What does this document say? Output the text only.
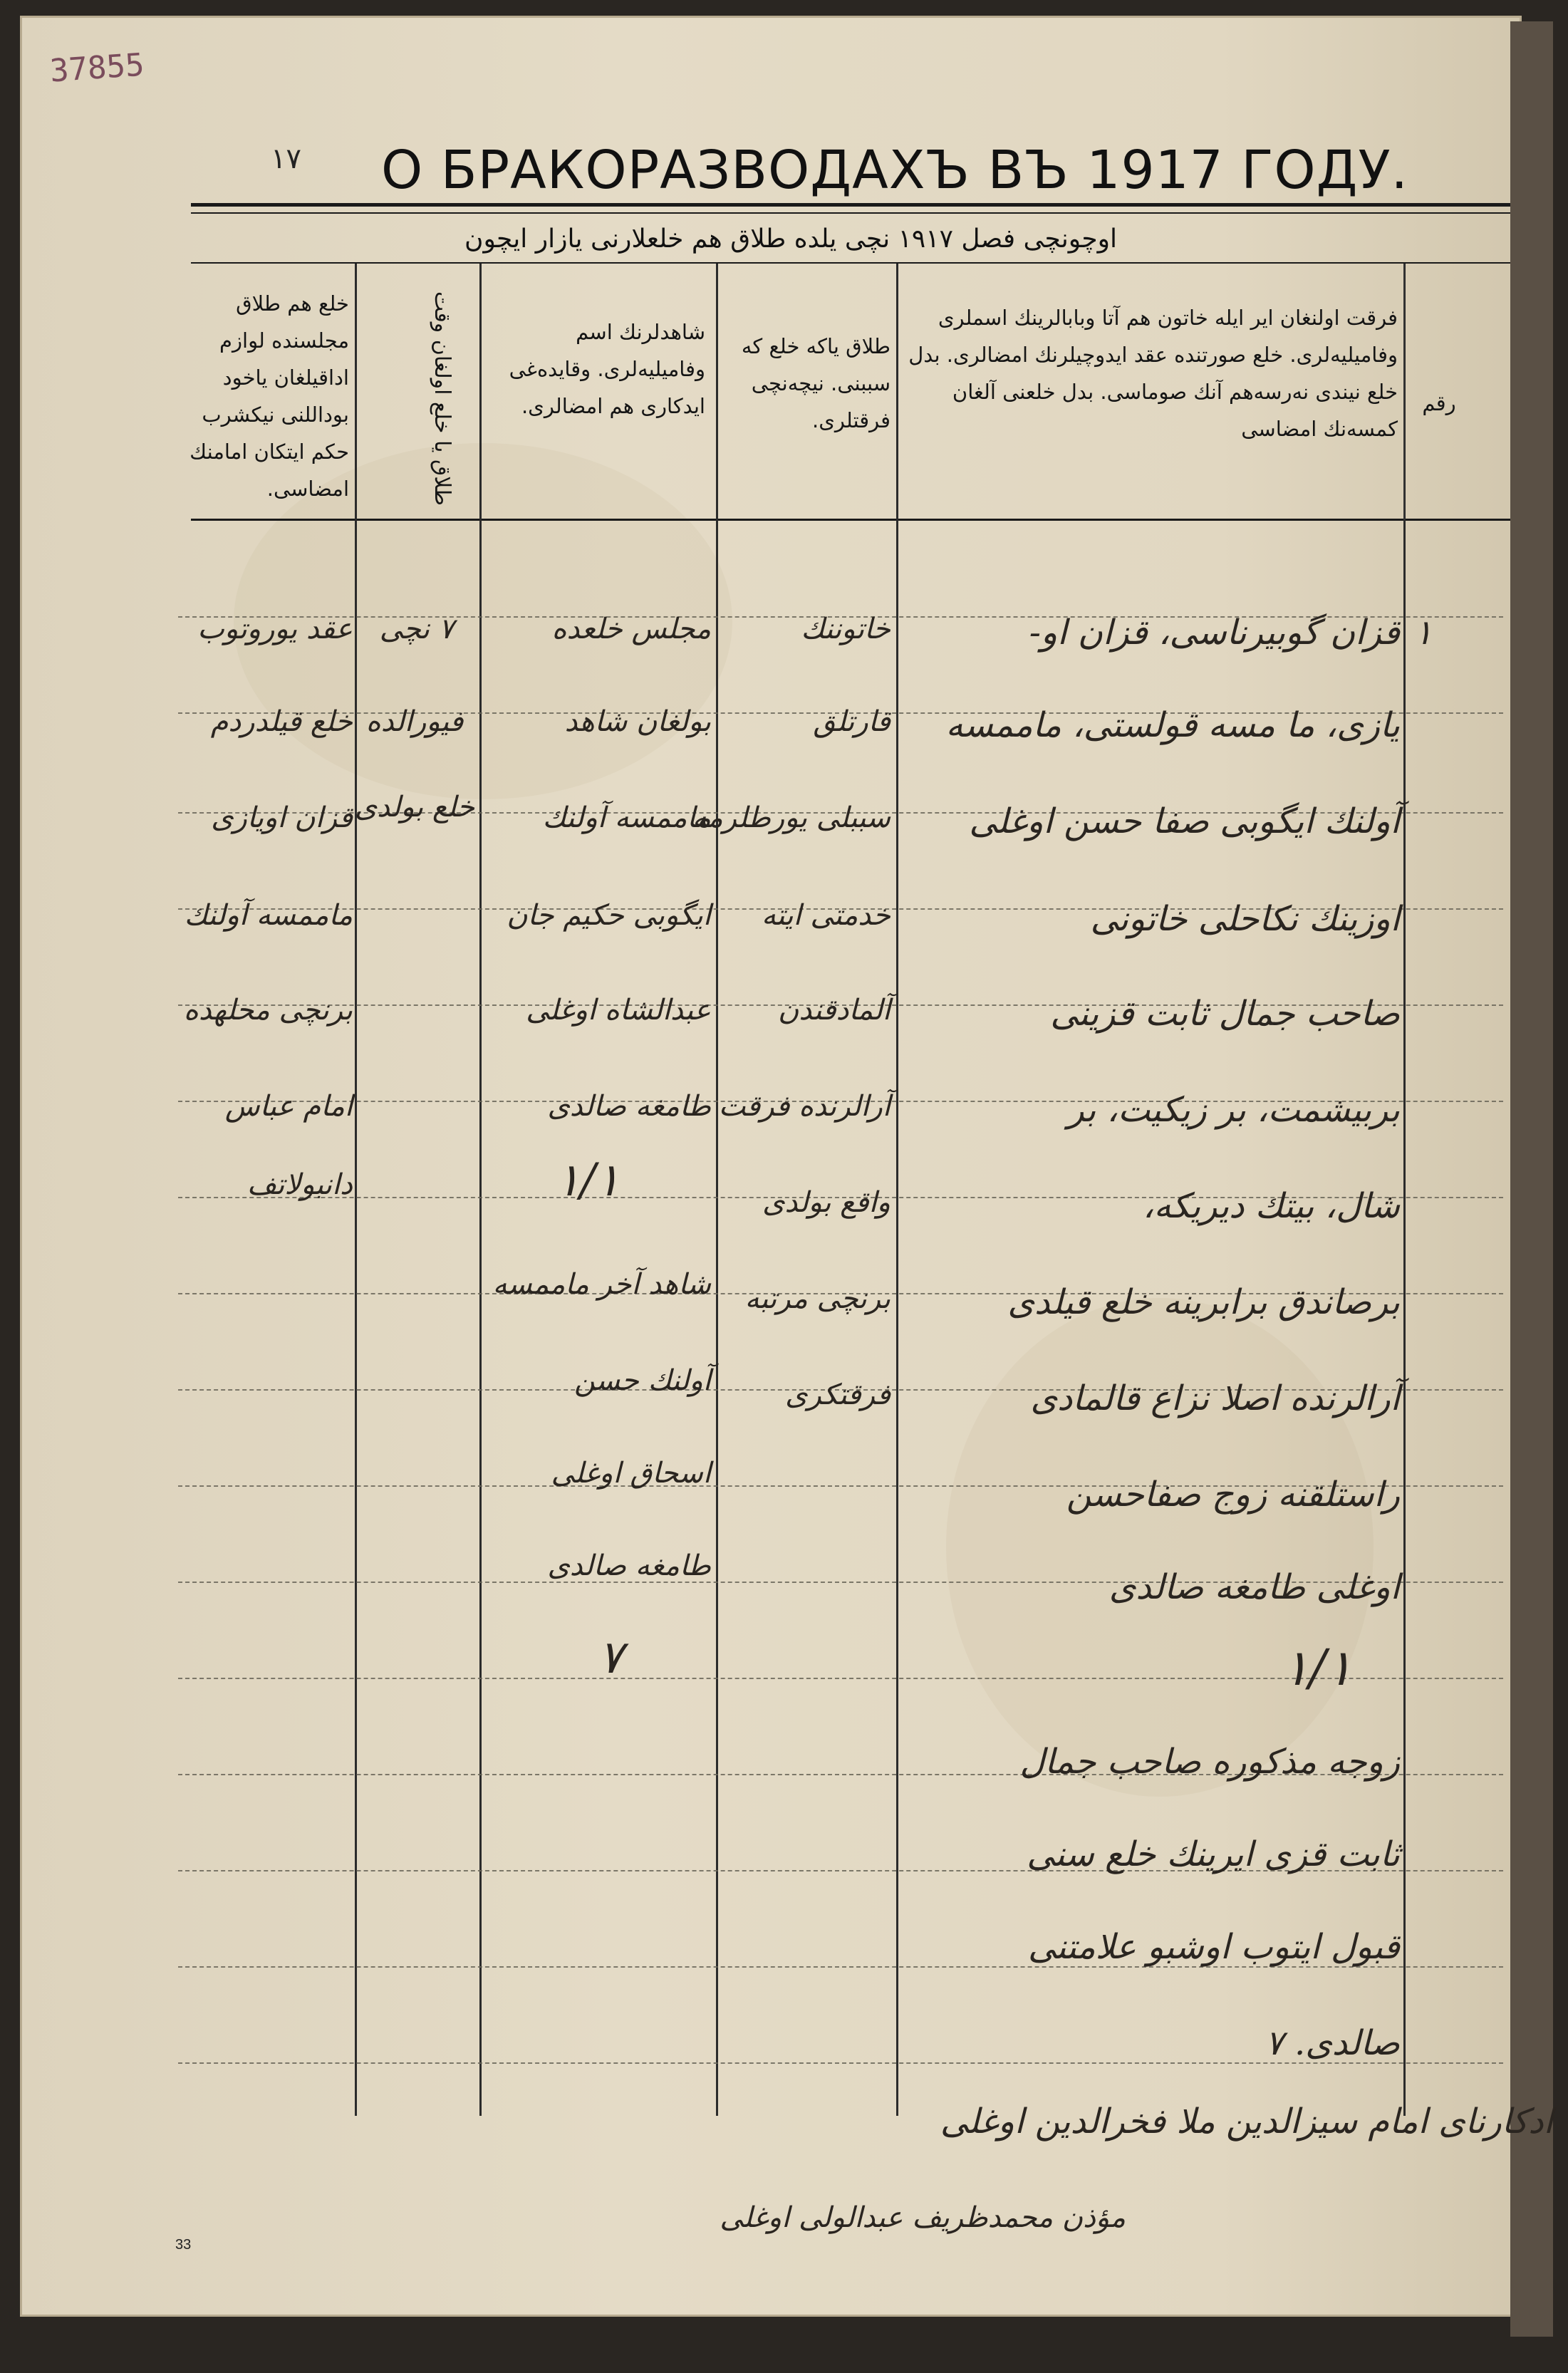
37855
١٧ О БРАКОРАЗВОДАХЪ ВЪ 1917 ГОДУ.
اوچونچی فصل ١٩١٧ نچی یلده طلاق هم خلعلارنی یازار ایچون
رقم
فرقت اولنغان ایر ایله خاتون هم آتا وبابا‌لرینك اسملری وفامیلیه‌لری. خلع صورتنده عقد ایدوچیلرنك امضالری. بدل خلع نیندی نه‌رسه‌هم آنك صوماسی. بدل خلعنی آلغان کمسه‌نك امضاسی
طلاق یاکه خلع که سببنی. نیچه‌نچی فرقتلری.
شاهدلرنك اسم وفامیلیه‌لری. وقاید‌ه‌غی ایدکاری هم امضالری.
طلاق یا خلع اولغان وقت
خلع هم طلاق مجلسنده لوازم اداقیلغان یاخود بوداللنی نیکشرب حکم ایتکان امامنك امضاسی.
١
قزان گوبیرناسی، قزان او-
یازی، ما مسه قولستی، ماممسه
آولنك ایگوبی صفا حسن اوغلی
اوزینك نکاحلی خاتونی
صاحب جمال ثابت قزینی
بربیشمت، بر زیکیت، بر
شال، بیتك دیریکه،
برصاندق برابرینه خلع قیلدی
آرالرنده اصلا نزاع قالمادی
راستلقنه زوج صفاحسن
اوغلی طامغه صالدی
١/١
زوجه مذکوره صاحب جمال
ثابت قزی ایرینك خلع سنی
قبول ایتوب اوشبو علامتنی
صالدی. ٧
خاتوننك
قارتلق
سببلی یورطلرمه
خدمتی ایته
آلمادقندن
آرالرنده فرقت
واقع بولدی
برنچی مرتبه
فرقتکری
مجلس خلعده
بولغان شاهد
ماممسه آولنك
ایگوبی حکیم جان
عبدالشاه اوغلی
طامغه صالدی
١/١
شاهد آخر ماممسه
آولنك حسن
اسحاق اوغلی
طامغه صالدی
٧
٧ نچی
فیورالده
خلع بولدی
عقد یوروتوب
خلع قیلدردم
قزان اویازی
ماممسه آولنك
برنچی محلهده
امام عباس
دانبولاتف
ادکارنای امام سیزالدین ملا فخرالدین اوغلی
مؤذن محمدظریف عبدالولی اوغلی
33
